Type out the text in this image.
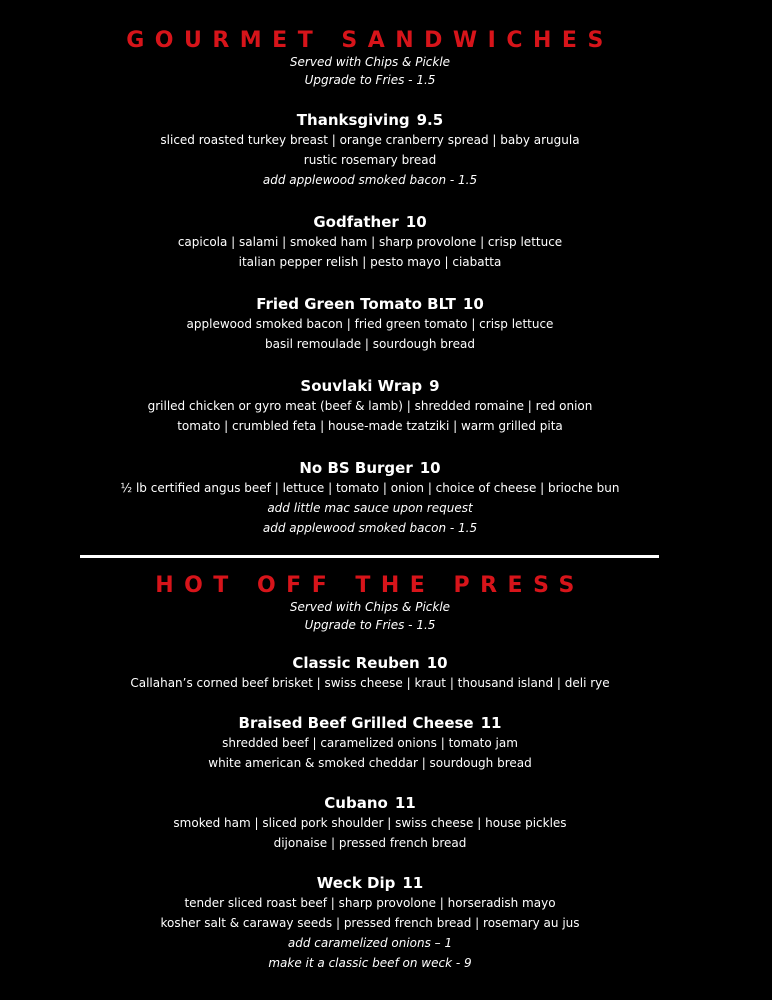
GOURMET SANDWICHES
Served with Chips & Pickle
Upgrade to Fries - 1.5
Thanksgiving 9.5
sliced roasted turkey breast | orange cranberry spread | baby arugula
rustic rosemary bread
add applewood smoked bacon - 1.5
Godfather 10
capicola | salami | smoked ham | sharp provolone | crisp lettuce
italian pepper relish | pesto mayo | ciabatta
Fried Green Tomato BLT 10
applewood smoked bacon | fried green tomato | crisp lettuce
basil remoulade | sourdough bread
Souvlaki Wrap 9
grilled chicken or gyro meat (beef & lamb) | shredded romaine | red onion
tomato | crumbled feta | house-made tzatziki | warm grilled pita
No BS Burger 10
½ lb certified angus beef | lettuce | tomato | onion | choice of cheese | brioche bun
add little mac sauce upon request
add applewood smoked bacon - 1.5
HOT OFF THE PRESS
Served with Chips & Pickle
Upgrade to Fries - 1.5
Classic Reuben 10
Callahan’s corned beef brisket | swiss cheese | kraut | thousand island | deli rye
Braised Beef Grilled Cheese 11
shredded beef | caramelized onions | tomato jam
white american & smoked cheddar | sourdough bread
Cubano 11
smoked ham | sliced pork shoulder | swiss cheese | house pickles
dijonaise | pressed french bread
Weck Dip 11
tender sliced roast beef | sharp provolone | horseradish mayo
kosher salt & caraway seeds | pressed french bread | rosemary au jus
add caramelized onions – 1
make it a classic beef on weck - 9
